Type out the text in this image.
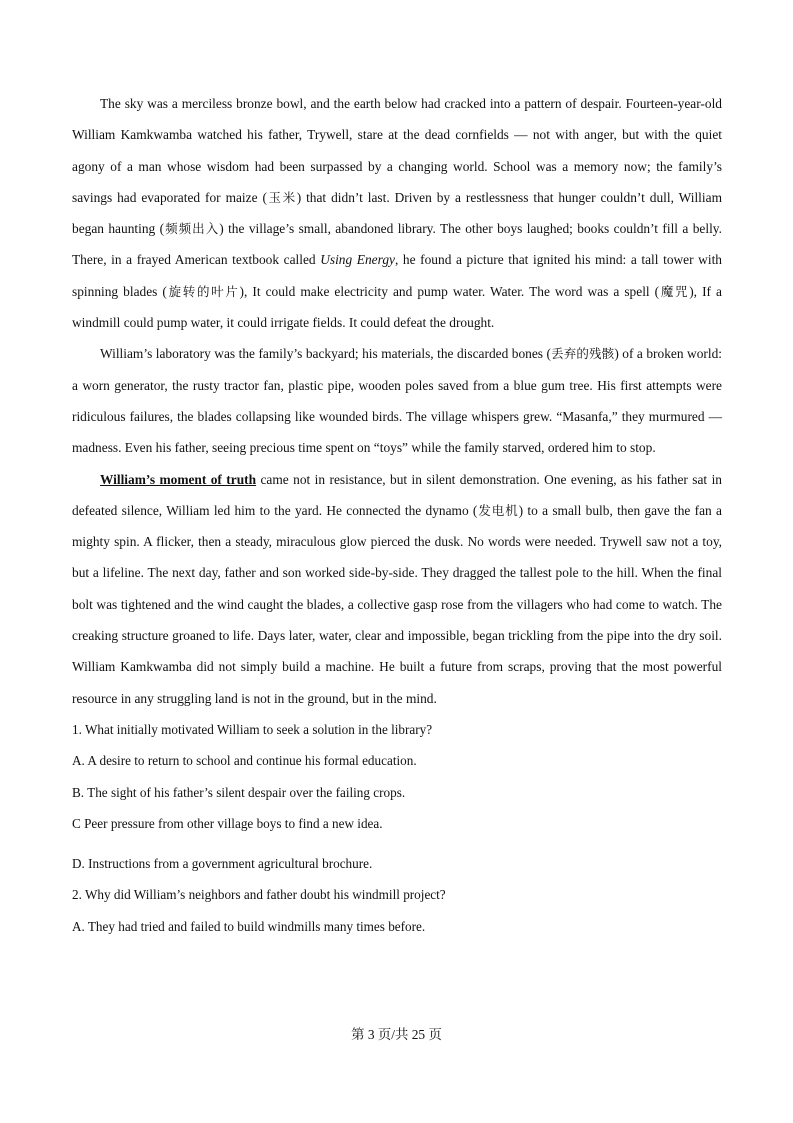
The sky was a merciless bronze bowl, and the earth below had cracked into a pattern of despair. Fourteen-year-old William Kamkwamba watched his father, Trywell, stare at the dead cornfields — not with anger, but with the quiet agony of a man whose wisdom had been surpassed by a changing world. School was a memory now; the family’s savings had evaporated for maize (玉米) that didn’t last. Driven by a restlessness that hunger couldn’t dull, William began haunting (频频出入) the village’s small, abandoned library. The other boys laughed; books couldn’t fill a belly. There, in a frayed American textbook called Using Energy, he found a picture that ignited his mind: a tall tower with spinning blades (旋转的叶片), It could make electricity and pump water. Water. The word was a spell (魔咒), If a windmill could pump water, it could irrigate fields. It could defeat the drought.

William’s laboratory was the family’s backyard; his materials, the discarded bones (丢弃的残骸) of a broken world: a worn generator, the rusty tractor fan, plastic pipe, wooden poles saved from a blue gum tree. His first attempts were ridiculous failures, the blades collapsing like wounded birds. The village whispers grew. “Masanfa,” they murmured — madness. Even his father, seeing precious time spent on “toys” while the family starved, ordered him to stop.

William’s moment of truth came not in resistance, but in silent demonstration. One evening, as his father sat in defeated silence, William led him to the yard. He connected the dynamo (发电机) to a small bulb, then gave the fan a mighty spin. A flicker, then a steady, miraculous glow pierced the dusk. No words were needed. Trywell saw not a toy, but a lifeline. The next day, father and son worked side-by-side. They dragged the tallest pole to the hill. When the final bolt was tightened and the wind caught the blades, a collective gasp rose from the villagers who had come to watch. The creaking structure groaned to life. Days later, water, clear and impossible, began trickling from the pipe into the dry soil. William Kamkwamba did not simply build a machine. He built a future from scraps, proving that the most powerful resource in any struggling land is not in the ground, but in the mind.

1. What initially motivated William to seek a solution in the library?

A. A desire to return to school and continue his formal education.

B. The sight of his father’s silent despair over the failing crops.

C Peer pressure from other village boys to find a new idea.

D. Instructions from a government agricultural brochure.

2. Why did William’s neighbors and father doubt his windmill project?

A. They had tried and failed to build windmills many times before.

第 3 页/共 25 页
